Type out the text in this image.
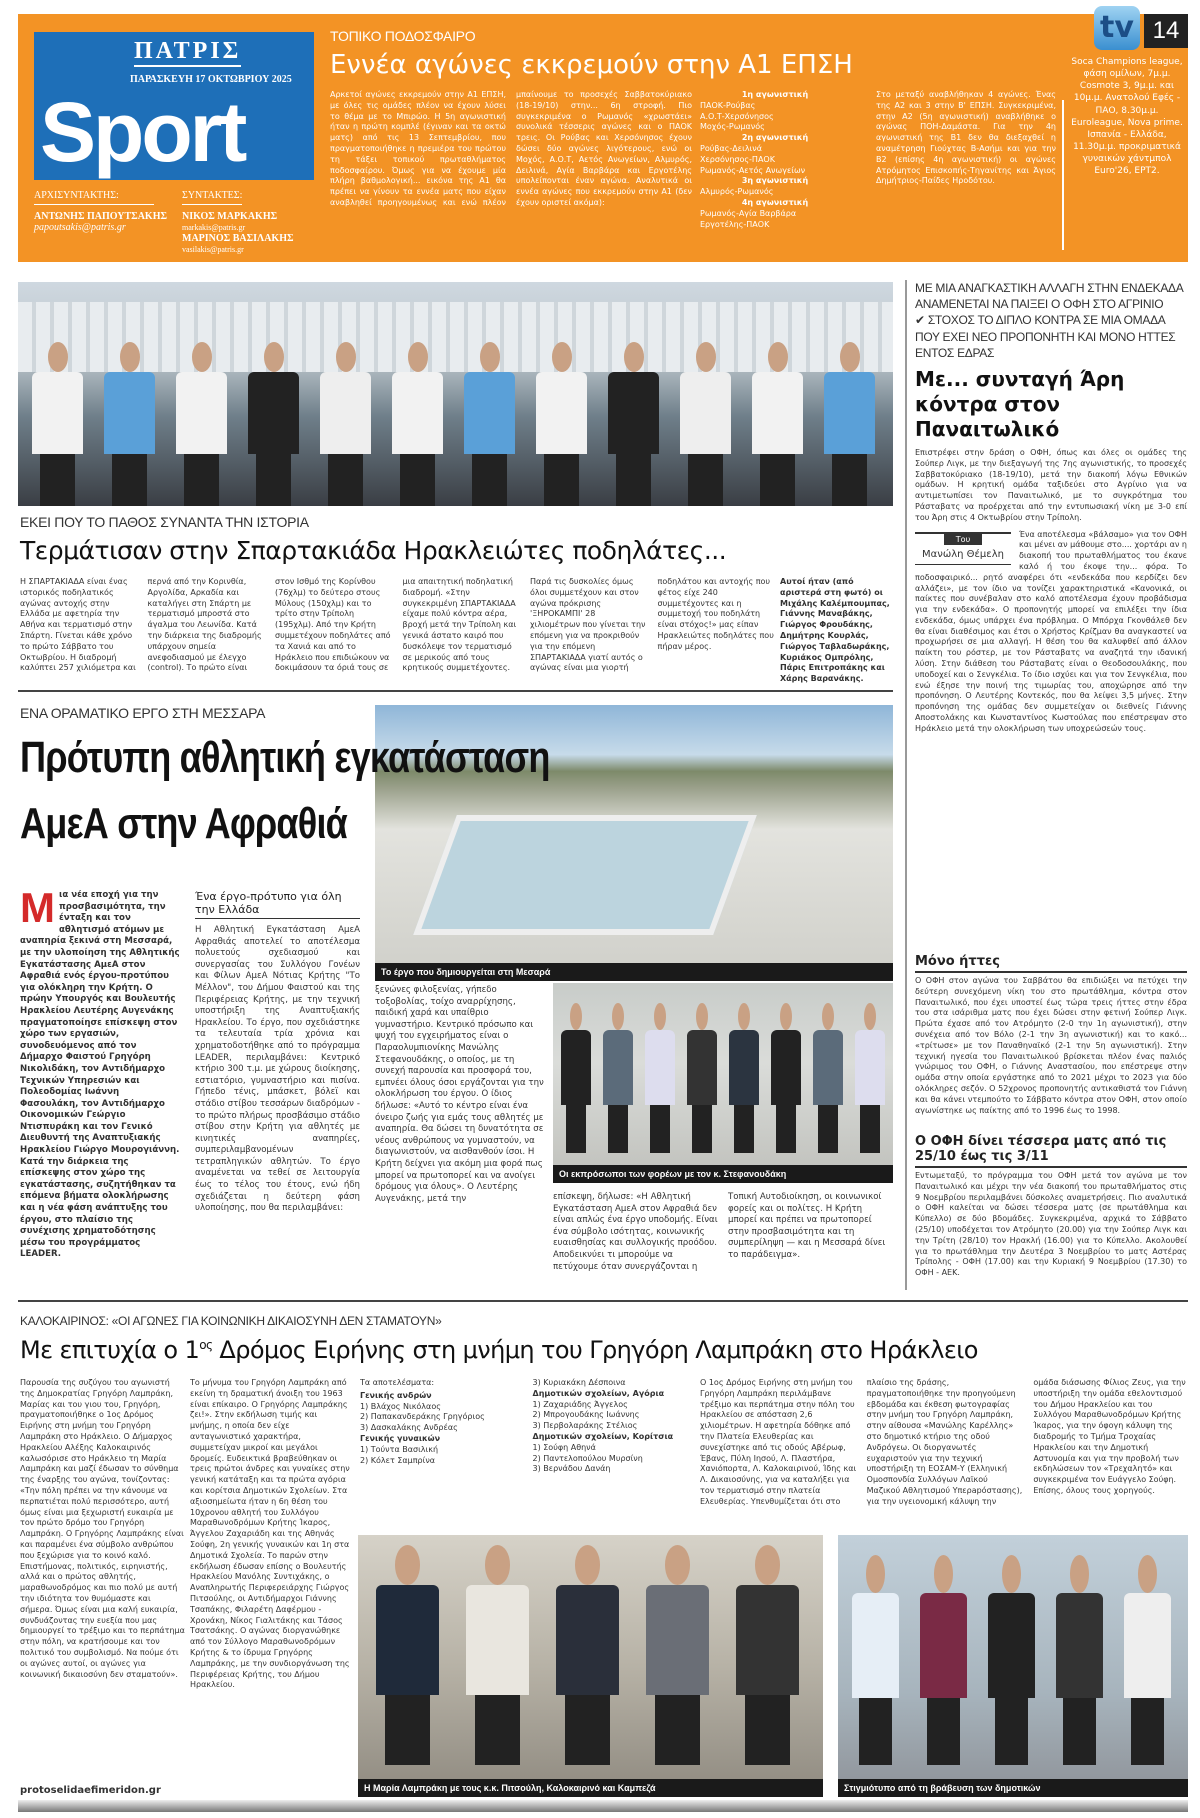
ΠΑΤΡΙΣ
ΠΑΡΑΣΚΕΥΗ 17 ΟΚΤΩΒΡΙΟΥ 2025
Sport
ΑΡΧΙΣΥΝΤΑΚΤΗΣ:
ΑΝΤΩΝΗΣ ΠΑΠΟΥΤΣΑΚΗΣ
papoutsakis@patris.gr
ΣΥΝΤΑΚΤΕΣ:
ΝΙΚΟΣ ΜΑΡΚΑΚΗΣ markakis@patris.gr
ΜΑΡΙΝΟΣ ΒΑΣΙΛΑΚΗΣ vasilakis@patris.gr
ΤΟΠΙΚΟ ΠΟΔΟΣΦΑΙΡΟ
Εννέα αγώνες εκκρεμούν στην Α1 ΕΠΣΗ

Αρκετοί αγώνες εκκρεμούν στην Α1 ΕΠΣΗ, με όλες τις ομάδες πλέον να έχουν λύσει το θέμα με το Μπιρώο. Η 5η αγωνιστική ήταν η πρώτη κομπλέ (έγιναν και τα οκτώ ματς) από τις 13 Σεπτεμβρίου, που πραγματοποιήθηκε η πρεμιέρα του πρώτου τη τάξει τοπικού πρωταθλήματος ποδοσφαίρου. Όμως για να έχουμε μία πλήρη βαθμολογική... εικόνα της Α1 θα πρέπει να γίνουν τα εννέα ματς που είχαν αναβληθεί προηγουμένως και ενώ πλέον μπαίνουμε το προσεχές Σαββατοκύριακο (18-19/10) στην... 6η στροφή. Πιο συγκεκριμένα ο Ρωμανός «χρωστάει» συνολικά τέσσερις αγώνες και ο ΠΑΟΚ τρεις. Οι Ρούβας και Χερσόνησος έχουν δώσει δύο αγώνες λιγότερους, ενώ οι Μοχός, Α.Ο.Τ, Αετός Ανωγείων, Αλμυρός, Δειλινά, Αγία Βαρβάρα και Εργοτέλης υπολείπονται έναν αγώνα. Αναλυτικά οι εννέα αγώνες που εκκρεμούν στην Α1 (δεν έχουν οριστεί ακόμα):

1η αγωνιστική
ΠΑΟΚ-Ρούβας
Α.Ο.Τ-Χερσόνησος
Μοχός-Ρωμανός
2η αγωνιστική
Ρούβας-Δειλινά
Χερσόνησος-ΠΑΟΚ
Ρωμανός-Αετός Ανωγείων
3η αγωνιστική
Αλμυρός-Ρωμανός
4η αγωνιστική
Ρωμανός-Αγία Βαρβάρα
Εργοτέλης-ΠΑΟΚ

Στο μεταξύ αναβλήθηκαν 4 αγώνες. Ένας της Α2 και 3 στην Β' ΕΠΣΗ. Συγκεκριμένα, στην Α2 (5η αγωνιστική) αναβλήθηκε ο αγώνας ΠΟΗ-Δαμάστα. Για την 4η αγωνιστική της Β1 δεν θα διεξαχθεί η αναμέτρηση Γιούχτας Β-Ασήμι και για την Β2 (επίσης 4η αγωνιστική) οι αγώνες Ατρόμητος Επισκοπής-Τηγανίτης και Άγιος Δημήτριος-Παίδες Ηροδότου.

tv 14

Soca Champions league, φάση ομίλων, 7μ.μ. Cosmote 3, 9μ.μ. και 10μ.μ. Ανατολού Εφές - ΠΑΟ, 8.30μ.μ. Euroleague, Nova prime. Ισπανία - Ελλάδα, 11.30μ.μ. προκριματικά γυναικών χάντμπολ Euro'26, ΕΡΤ2.

ΕΚΕΙ ΠΟΥ ΤΟ ΠΑΘΟΣ ΣΥΝΑΝΤΑ ΤΗΝ ΙΣΤΟΡΙΑ
Τερμάτισαν στην Σπαρτακιάδα Ηρακλειώτες ποδηλάτες...

Η ΣΠΑΡΤΑΚΙΑΔΑ είναι ένας ιστορικός ποδηλατικός αγώνας αντοχής στην Ελλάδα με αφετηρία την Αθήνα και τερματισμό στην Σπάρτη. Γίνεται κάθε χρόνο το πρώτο Σάββατο του Οκτωβρίου. Η διαδρομή καλύπτει 257 χιλιόμετρα και περνά από την Κορινθία, Αργολίδα, Αρκαδία και καταλήγει στη Σπάρτη με τερματισμό μπροστά στο άγαλμα του Λεωνίδα. Κατά την διάρκεια της διαδρομής υπάρχουν σημεία ανεφοδιασμού με έλεγχο (control). Το πρώτο είναι στον Ισθμό της Κορίνθου (76χλμ) το δεύτερο στους Μύλους (150χλμ) και το τρίτο στην Τρίπολη (195χλμ). Από την Κρήτη συμμετέχουν ποδηλάτες από τα Χανιά και από το Ηράκλειο που επιδιώκουν να δοκιμάσουν τα όριά τους σε μια απαιτητική ποδηλατική διαδρομή. «Στην συγκεκριμένη ΣΠΑΡΤΑΚΙΑΔΑ είχαμε πολύ κόντρα αέρα, βροχή μετά την Τρίπολη και γενικά άστατο καιρό που δυσκόλεψε τον τερματισμό σε μερικούς από τους κρητικούς συμμετέχοντες. Παρά τις δυσκολίες όμως όλοι συμμετέχουν και στον αγώνα πρόκρισης 'ΞΗΡΟΚΑΜΠΙ' 28 χιλιομέτρων που γίνεται την επόμενη για να προκριθούν για την επόμενη ΣΠΑΡΤΑΚΙΑΔΑ γιατί αυτός ο αγώνας είναι μια γιορτή ποδηλάτου και αντοχής που φέτος είχε 240 συμμετέχοντες και η συμμετοχή του ποδηλάτη είναι στόχος!» μας είπαν Ηρακλειώτες ποδηλάτες που πήραν μέρος.

Αυτοί ήταν (από αριστερά στη φωτό) οι Μιχάλης Καλέμπουμπας, Γιάννης Μαναβάκης, Γιώργος Φρουδάκης, Δημήτρης Κουρλάς, Γιώργος Ταβλαδωράκης, Κυριάκος Ομπρόλης, Πάρις Επιτροπάκης και Χάρης Βαρανάκης.

ΜΕ ΜΙΑ ΑΝΑΓΚΑΣΤΙΚΗ ΑΛΛΑΓΗ ΣΤΗΝ ΕΝΔΕΚΑΔΑ ΑΝΑΜΕΝΕΤΑΙ ΝΑ ΠΑΙΞΕΙ Ο ΟΦΗ ΣΤΟ ΑΓΡΙΝΙΟ
✔ ΣΤΟΧΟΣ ΤΟ ΔΙΠΛΟ ΚΟΝΤΡΑ ΣΕ ΜΙΑ ΟΜΑΔΑ ΠΟΥ ΕΧΕΙ ΝΕΟ ΠΡΟΠΟΝΗΤΗ ΚΑΙ ΜΟΝΟ ΗΤΤΕΣ ΕΝΤΟΣ ΕΔΡΑΣ
Με... συνταγή Άρη κόντρα στον Παναιτωλικό

Επιστρέφει στην δράση ο ΟΦΗ, όπως και όλες οι ομάδες της Σούπερ Λιγκ, με την διεξαγωγή της 7ης αγωνιστικής, το προσεχές Σαββατοκύριακο (18-19/10), μετά την διακοπή λόγω Εθνικών ομάδων. Η κρητική ομάδα ταξιδεύει στο Αγρίνιο για να αντιμετωπίσει τον Παναιτωλικό, με το συγκρότημα του Ράσταβατς να προέρχεται από την εντυπωσιακή νίκη με 3-0 επί του Άρη στις 4 Οκτωβρίου στην Τρίπολη.

Του
Μανώλη Θέμελη

Ένα αποτέλεσμα «βάλσαμο» για τον ΟΦΗ και μένει αν μάθουμε στο.... χορτάρι αν η διακοπή του πρωταθλήματος του έκανε καλό ή του έκοψε την... φόρα. Το ποδοσφαιρικό... ρητό αναφέρει ότι «ενδεκάδα που κερδίζει δεν αλλάζει», με τον ίδιο να τονίζει χαρακτηριστικά «Κανονικά, οι παίκτες που συνέβαλαν στο καλό αποτέλεσμα έχουν προβάδισμα για την ενδεκάδα». Ο προπονητής μπορεί να επιλέξει την ίδια ενδεκάδα, όμως υπάρχει ένα πρόβλημα. Ο Μπόρχα Γκονθάλεθ δεν θα είναι διαθέσιμος και έτσι ο Χρήστος Κρίζμαν θα αναγκαστεί να προχωρήσει σε μια αλλαγή. Η θέση του θα καλυφθεί από άλλον παίκτη του ρόστερ, με τον Ράσταβατς να αναζητά την ιδανική λύση. Στην διάθεση του Ράσταβατς είναι ο Θεοδοσουλάκης, που υποδοχεί και ο Σενγκέλια. Το ίδιο ισχύει και για τον Σενγκέλια, που ενώ έξησε την ποινή της τιμωρίας του, αποχώρησε από την προπόνηση. Ο Λευτέρης Κοντεκός, που θα λείψει 3,5 μήνες. Στην προπόνηση της ομάδας δεν συμμετείχαν οι διεθνείς Γιάννης Αποστολάκης και Κωνσταντίνος Κωστούλας που επέστρεψαν στο Ηράκλειο μετά την ολοκλήρωση των υποχρεώσεών τους.

Μόνο ήττες

Ο ΟΦΗ στον αγώνα του Σαββάτου θα επιδιώξει να πετύχει την δεύτερη συνεχόμενη νίκη του στο πρωτάθλημα, κόντρα στον Παναιτωλικό, που έχει υποστεί έως τώρα τρεις ήττες στην έδρα του στα ισάριθμα ματς που έχει δώσει στην φετινή Σούπερ Λιγκ. Πρώτα έχασε από τον Ατρόμητο (2-0 την 1η αγωνιστική), στην συνέχεια από τον Βόλο (2-1 την 3η αγωνιστική) και το κακό... «τρίτωσε» με τον Παναθηναϊκό (2-1 την 5η αγωνιστική). Στην τεχνική ηγεσία του Παναιτωλικού βρίσκεται πλέον ένας παλιός γνώριμος του ΟΦΗ, ο Γιάννης Αναστασίου, που επέστρεψε στην ομάδα στην οποία εργάστηκε από το 2021 μέχρι το 2023 για δύο ολόκληρες σεζόν. Ο 52χρονος προπονητής αντικαθιστά τον Γιάννη και θα κάνει ντεμπούτο το Σάββατο κόντρα στον ΟΦΗ, στον οποίο αγωνίστηκε ως παίκτης από το 1996 έως το 1998.

Ο ΟΦΗ δίνει τέσσερα ματς από τις 25/10 έως τις 3/11

Εντωμεταξύ, το πρόγραμμα του ΟΦΗ μετά τον αγώνα με τον Παναιτωλικό και μέχρι την νέα διακοπή του πρωταθλήματος στις 9 Νοεμβρίου περιλαμβάνει δύσκολες αναμετρήσεις. Πιο αναλυτικά ο ΟΦΗ καλείται να δώσει τέσσερα ματς (σε πρωτάθλημα και Κύπελλο) σε δύο βδομάδες. Συγκεκριμένα, αρχικά το Σάββατο (25/10) υποδέχεται τον Ατρόμητο (20.00) για την Σούπερ Λιγκ και την Τρίτη (28/10) τον Ηρακλή (16.00) για το Κύπελλο. Ακολουθεί για το πρωτάθλημα την Δευτέρα 3 Νοεμβρίου το ματς Αστέρας Τρίπολης - ΟΦΗ (17.00) και την Κυριακή 9 Νοεμβρίου (17.30) το ΟΦΗ - ΑΕΚ.

ΕΝΑ ΟΡΑΜΑΤΙΚΟ ΕΡΓΟ ΣΤΗ ΜΕΣΣΑΡΑ
Πρότυπη αθλητική εγκατάσταση
ΑμεΑ στην Αφραθιά
Το έργο που δημιουργείται στη Μεσαρά
Μ ια νέα εποχή για την προσβασιμότητα, την ένταξη και τον αθλητισμό ατόμων με αναπηρία ξεκινά στη Μεσσαρά, με την υλοποίηση της Αθλητικής Εγκατάστασης ΑμεΑ στον Αφραθιά ενός έργου-προτύπου για ολόκληρη την Κρήτη. Ο πρώην Υπουργός και Βουλευτής Ηρακλείου Λευτέρης Αυγενάκης πραγματοποίησε επίσκεψη στον χώρο των εργασιών, συνοδευόμενος από τον Δήμαρχο Φαιστού Γρηγόρη Νικολιδάκη, τον Αντιδήμαρχο Τεχνικών Υπηρεσιών και Πολεοδομίας Ιωάννη Φασουλάκη, τον Αντιδήμαρχο Οικονομικών Γεώργιο Ντισπυράκη και τον Γενικό Διευθυντή της Αναπτυξιακής Ηρακλείου Γιώργο Μουρογιάννη. Κατά την διάρκεια της επίσκεψης στον χώρο της εγκατάστασης, συζητήθηκαν τα επόμενα βήματα ολοκλήρωσης και η νέα φάση ανάπτυξης του έργου, στο πλαίσιο της συνέχισης χρηματοδότησης μέσω του προγράμματος LEADER.

Ένα έργο-πρότυπο για όλη την Ελλάδα

Η Αθλητική Εγκατάσταση ΑμεΑ Αφραθιάς αποτελεί το αποτέλεσμα πολυετούς σχεδιασμού και συνεργασίας του Συλλόγου Γονέων και Φίλων ΑμεΑ Νότιας Κρήτης "Το Μέλλον", του Δήμου Φαιστού και της Περιφέρειας Κρήτης, με την τεχνική υποστήριξη της Αναπτυξιακής Ηρακλείου. Το έργο, που σχεδιάστηκε τα τελευταία τρία χρόνια και χρηματοδοτήθηκε από το πρόγραμμα LEADER, περιλαμβάνει: Κεντρικό κτήριο 300 τ.μ. με χώρους διοίκησης, εστιατόριο, γυμναστήριο και πισίνα. Γήπεδο τένις, μπάσκετ, βόλεϊ και στάδιο στίβου τεσσάρων διαδρόμων - το πρώτο πλήρως προσβάσιμο στάδιο στίβου στην Κρήτη για αθλητές με κινητικές αναπηρίες, συμπεριλαμβανομένων τετραπληγικών αθλητών. Το έργο αναμένεται να τεθεί σε λειτουργία έως το τέλος του έτους, ενώ ήδη σχεδιάζεται η δεύτερη φάση υλοποίησης, που θα περιλαμβάνει:

ξενώνες φιλοξενίας, γήπεδο τοξοβολίας, τοίχο αναρρίχησης, παιδική χαρά και υπαίθριο γυμναστήριο. Κεντρικό πρόσωπο και ψυχή του εγχειρήματος είναι ο Παραολυμπιονίκης Μανώλης Στεφανουδάκης, ο οποίος, με τη συνεχή παρουσία και προσφορά του, εμπνέει όλους όσοι εργάζονται για την ολοκλήρωση του έργου. Ο ίδιος δήλωσε: «Αυτό το κέντρο είναι ένα όνειρο ζωής για εμάς τους αθλητές με αναπηρία. Θα δώσει τη δυνατότητα σε νέους ανθρώπους να γυμναστούν, να διαγωνιστούν, να αισθανθούν ίσοι. Η Κρήτη δείχνει για ακόμη μια φορά πως μπορεί να πρωτοπορεί και να ανοίγει δρόμους για όλους». Ο Λευτέρης Αυγενάκης, μετά την

Οι εκπρόσωποι των φορέων με τον κ. Στεφανουδάκη

επίσκεψη, δήλωσε: «Η Αθλητική Εγκατάσταση ΑμεΑ στον Αφραθιά δεν είναι απλώς ένα έργο υποδομής. Είναι ένα σύμβολο ισότητας, κοινωνικής ευαισθησίας και συλλογικής προόδου. Αποδεικνύει τι μπορούμε να πετύχουμε όταν συνεργάζονται η Τοπική Αυτοδιοίκηση, οι κοινωνικοί φορείς και οι πολίτες. Η Κρήτη μπορεί και πρέπει να πρωτοπορεί στην προσβασιμότητα και τη συμπερίληψη — και η Μεσσαρά δίνει το παράδειγμα».

ΚΑΛΟΚΑΙΡΙΝΟΣ: «ΟΙ ΑΓΩΝΕΣ ΓΙΑ ΚΟΙΝΩΝΙΚΗ ΔΙΚΑΙΟΣΥΝΗ ΔΕΝ ΣΤΑΜΑΤΟΥΝ»
Με επιτυχία ο $1^{o\varsigma}$ Δρόμος Ειρήνης στη μνήμη του Γρηγόρη Λαμπράκη στο Ηράκλειο

Παρουσία της συζύγου του αγωνιστή της Δημοκρατίας Γρηγόρη Λαμπράκη, Μαρίας και του γιου του, Γρηγόρη, πραγματοποιήθηκε ο 1ος Δρόμος Ειρήνης στη μνήμη του Γρηγόρη Λαμπράκη στο Ηράκλειο. Ο Δήμαρχος Ηρακλείου Αλέξης Καλοκαιρινός καλωσόρισε στο Ηράκλειο τη Μαρία Λαμπράκη και μαζί έδωσαν το σύνθημα της έναρξης του αγώνα, τονίζοντας: «Την πόλη πρέπει να την κάνουμε να περπατιέται πολύ περισσότερο, αυτή όμως είναι μια ξεχωριστή ευκαιρία με τον πρώτο δρόμο του Γρηγόρη Λαμπράκη. Ο Γρηγόρης Λαμπράκης είναι και παραμένει ένα σύμβολο ανθρώπου που ξεχώρισε για το κοινό καλό. Επιστήμονας, πολιτικός, ειρηνιστής, αλλά και ο πρώτος αθλητής, μαραθωνοδρόμος και πιο πολύ με αυτή την ιδιότητα τον θυμόμαστε και σήμερα. Όμως είναι μια καλή ευκαιρία, συνδυάζοντας την ευεξία που μας δημιουργεί το τρέξιμο και το περπάτημα στην πόλη, να κρατήσουμε και τον πολιτικό του συμβολισμό. Να πούμε ότι οι αγώνες αυτοί, οι αγώνες για κοινωνική δικαιοσύνη δεν σταματούν».

protoselidaefimeridon.gr

Το μήνυμα του Γρηγόρη Λαμπράκη από εκείνη τη δραματική άνοιξη του 1963 είναι επίκαιρο. Ο Γρηγόρης Λαμπράκης ζει!». Στην εκδήλωση τιμής και μνήμης, η οποία δεν είχε ανταγωνιστικό χαρακτήρα, συμμετείχαν μικροί και μεγάλοι δρομείς. Ευδεικτικά βραβεύθηκαν οι τρεις πρώτοι άνδρες και γυναίκες στην γενική κατάταξη και τα πρώτα αγόρια και κορίτσια Δημοτικών Σχολείων. Στα αξιοσημείωτα ήταν η 6η θέση του 10χρονου αθλητή του Συλλόγου Μαραθωνοδρόμων Κρήτης Ίκαρος, Άγγελου Ζαχαριάδη και της Αθηνάς Σούφη, 2η γενικής γυναικών και 1η στα Δημοτικά Σχολεία. Το παρών στην εκδήλωση έδωσαν επίσης ο Βουλευτής Ηρακλείου Μανόλης Συντιχάκης, ο Αναπληρωτής Περιφερειάρχης Γιώργος Πιτσούλης, οι Αντιδήμαρχοι Γιάννης Τσαπάκης, Φιλαρέτη Δαφέρμου - Χρονάκη, Νίκος Γιαλιτάκης και Τάσος Τσατσάκης. Ο αγώνας διοργανώθηκε από τον Σύλλογο Μαραθωνοδρόμων Κρήτης & το ίδρυμα Γρηγόρης Λαμπράκης, με την συνδιοργάνωση της Περιφέρειας Κρήτης, του Δήμου Ηρακλείου.

Τα αποτελέσματα:

Γενικής ανδρών
1) Βλάχος Νικόλαος
2) Παπακανδεράκης Γρηγόριος
3) Δασκαλάκης Ανδρέας
Γενικής γυναικών
1) Τούντα Βασιλική
2) Κόλετ Σαμπρίνα
3) Κυριακάκη Δέσποινα
Δημοτικών σχολείων, Αγόρια
1) Ζαχαριάδης Άγγελος
2) Μπρογουδάκης Ιωάννης
3) Περβολαράκης Στέλιος
Δημοτικών σχολείων, Κορίτσια
1) Σούφη Αθηνά
2) Παντελοπούλου Μυρσίνη
3) Βερνάδου Δανάη

Ο 1ος Δρόμος Ειρήνης στη μνήμη του Γρηγόρη Λαμπράκη περιλάμβανε τρέξιμο και περπάτημα στην πόλη του Ηρακλείου σε απόσταση 2,6 χιλιομέτρων. Η αφετηρία δόθηκε από την Πλατεία Ελευθερίας και συνεχίστηκε από τις οδούς Αβέρωφ, Έβανς, Πύλη Ιησού, Λ. Πλαστήρα, Χανιόπορτα, Λ. Καλοκαιρινού, Ίδης και Λ. Δικαιοσύνης, για να καταλήξει για τον τερματισμό στην πλατεία Ελευθερίας. Υπενθυμίζεται ότι στο πλαίσιο της δράσης, πραγματοποιήθηκε την προηγούμενη εβδομάδα και έκθεση φωτογραφίας στην μνήμη του Γρηγόρη Λαμπράκη, στην αίθουσα «Μανώλης Καρέλλης» στο δημοτικό κτήριο της οδού Ανδρόγεω. Οι διοργανωτές ευχαριστούν για την τεχνική υποστήριξη τη ΕΟΣΑΜ-Υ (Ελληνική Ομοσπονδία Συλλόγων Λαϊκού Μαζικού Αθλητισμού Υπερapόστασης), για την υγειονομική κάλυψη την ομάδα διάσωσης Φίλιος Ζευς, για την υποστήριξη την ομάδα εθελοντισμού του Δήμου Ηρακλείου και του Συλλόγου Μαραθωνοδρόμων Κρήτης Ίκαρος, για την όφογη κάλυψη της διαδρομής το Τμήμα Τροχαίας Ηρακλείου και την Δημοτική Αστυνομία και για την προβολή των εκδηλώσεων τον «Τρεχαλητό» και συγκεκριμένα τον Ευάγγελο Σούφη. Επίσης, όλους τους χορηγούς.

Η Μαρία Λαμπράκη με τους κ.κ. Πιτσούλη, Καλοκαιρινό και Καμπεζά	Στιγμιότυπο από τη βράβευση των δημοτικών
